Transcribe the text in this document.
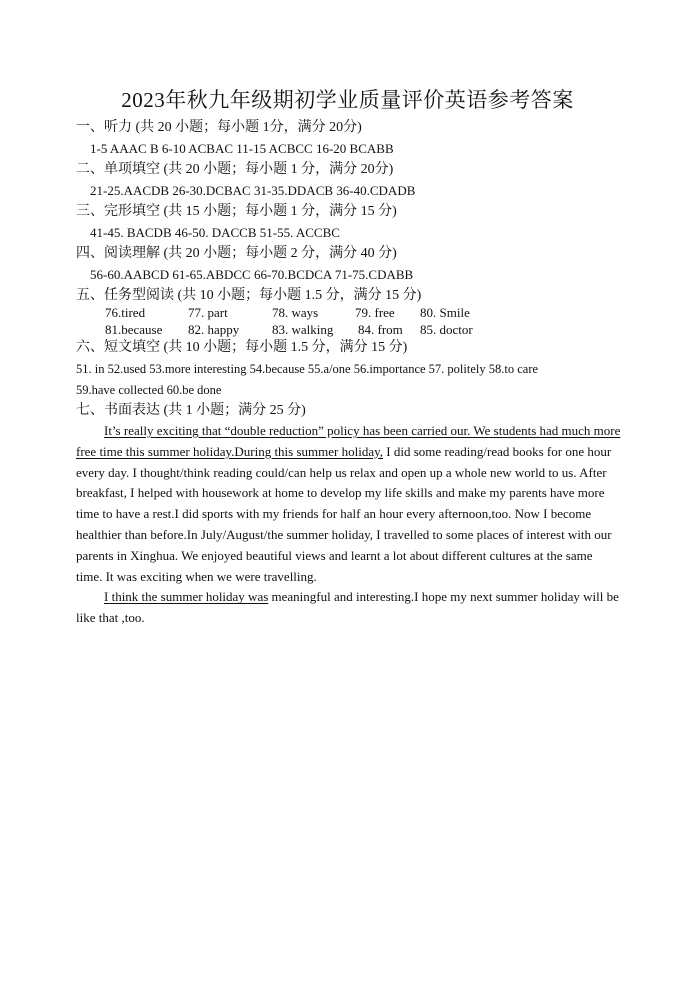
2023年秋九年级期初学业质量评价英语参考答案
一、听力 (共 20 小题；每小题 1分，满分 20分)
1-5 AAAC B 6-10 ACBAC 11-15 ACBCC 16-20 BCABB
二、单项填空 (共 20 小题；每小题 1 分，满分 20分)
21-25.AACDB 26-30.DCBAC 31-35.DDACB 36-40.CDADB
三、完形填空 (共 15 小题；每小题 1 分，满分 15 分)
41-45. BACDB 46-50. DACCB 51-55. ACCBC
四、阅读理解 (共 20 小题；每小题 2 分，满分 40 分)
56-60.AABCD 61-65.ABDCC 66-70.BCDCA 71-75.CDABB
五、任务型阅读 (共 10 小题；每小题 1.5 分，满分 15 分)
76.tired	77. part	78. ways	79. free 80. Smile
81.because 82. happy	83. walking 84. from 85. doctor
六、短文填空 (共 10 小题；每小题 1.5 分，满分 15 分)
51. in 52.used 53.more interesting 54.because 55.a/one 56.importance 57. politely 58.to care
59.have collected 60.be done
七、书面表达 (共 1 小题；满分 25 分)

It’s really exciting that “double reduction” policy has been carried our. We students had much more free time this summer holiday.During this summer holiday, I did some reading/read books for one hour every day. I thought/think reading could/can help us relax and open up a whole new world to us. After breakfast, I helped with housework at home to develop my life skills and make my parents have more time to have a rest.I did sports with my friends for half an hour every afternoon,too. Now I become healthier than before.In July/August/the summer holiday, I travelled to some places of interest with our parents in Xinghua. We enjoyed beautiful views and learnt a lot about different cultures at the same time. It was exciting when we were travelling.

I think the summer holiday was meaningful and interesting.I hope my next summer holiday will be like that ,too.
